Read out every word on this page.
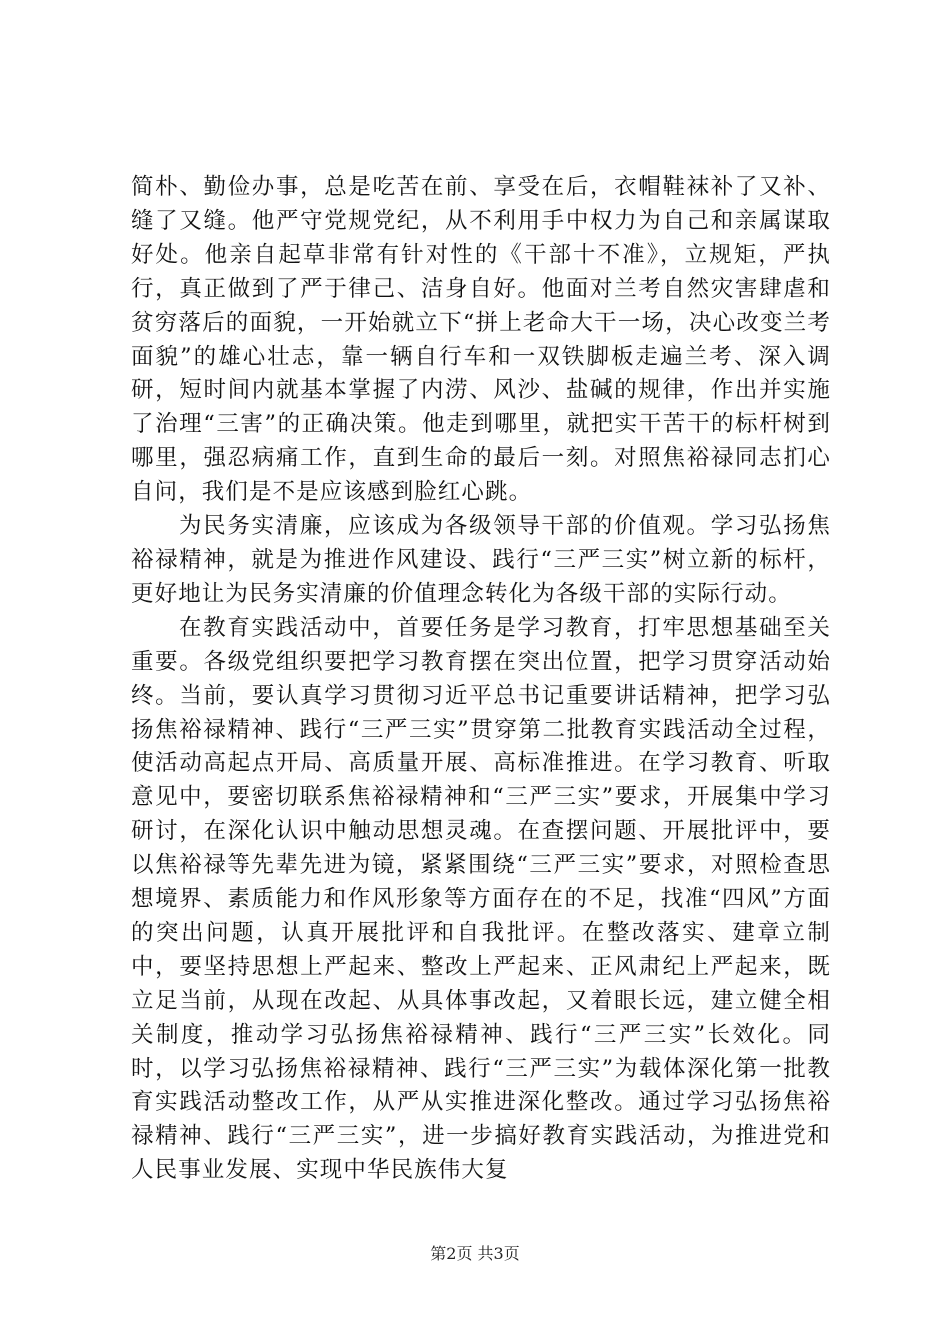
简朴、勤俭办事，总是吃苦在前、享受在后，衣帽鞋袜补了又补、缝了又缝。他严守党规党纪，从不利用手中权力为自己和亲属谋取好处。他亲自起草非常有针对性的《干部十不准》，立规矩，严执行，真正做到了严于律己、洁身自好。他面对兰考自然灾害肆虐和贫穷落后的面貌，一开始就立下“拼上老命大干一场，决心改变兰考面貌”的雄心壮志，靠一辆自行车和一双铁脚板走遍兰考、深入调研，短时间内就基本掌握了内涝、风沙、盐碱的规律，作出并实施了治理“三害”的正确决策。他走到哪里，就把实干苦干的标杆树到哪里，强忍病痛工作，直到生命的最后一刻。对照焦裕禄同志扪心自问，我们是不是应该感到脸红心跳。

为民务实清廉，应该成为各级领导干部的价值观。学习弘扬焦裕禄精神，就是为推进作风建设、践行“三严三实”树立新的标杆，更好地让为民务实清廉的价值理念转化为各级干部的实际行动。

在教育实践活动中，首要任务是学习教育，打牢思想基础至关重要。各级党组织要把学习教育摆在突出位置，把学习贯穿活动始终。当前，要认真学习贯彻习近平总书记重要讲话精神，把学习弘扬焦裕禄精神、践行“三严三实”贯穿第二批教育实践活动全过程，使活动高起点开局、高质量开展、高标准推进。在学习教育、听取意见中，要密切联系焦裕禄精神和“三严三实”要求，开展集中学习研讨，在深化认识中触动思想灵魂。在查摆问题、开展批评中，要以焦裕禄等先辈先进为镜，紧紧围绕“三严三实”要求，对照检查思想境界、素质能力和作风形象等方面存在的不足，找准“四风”方面的突出问题，认真开展批评和自我批评。在整改落实、建章立制中，要坚持思想上严起来、整改上严起来、正风肃纪上严起来，既立足当前，从现在改起、从具体事改起，又着眼长远，建立健全相关制度，推动学习弘扬焦裕禄精神、践行“三严三实”长效化。同时，以学习弘扬焦裕禄精神、践行“三严三实”为载体深化第一批教育实践活动整改工作，从严从实推进深化整改。通过学习弘扬焦裕禄精神、践行“三严三实”，进一步搞好教育实践活动，为推进党和人民事业发展、实现中华民族伟大复

第2页 共3页
